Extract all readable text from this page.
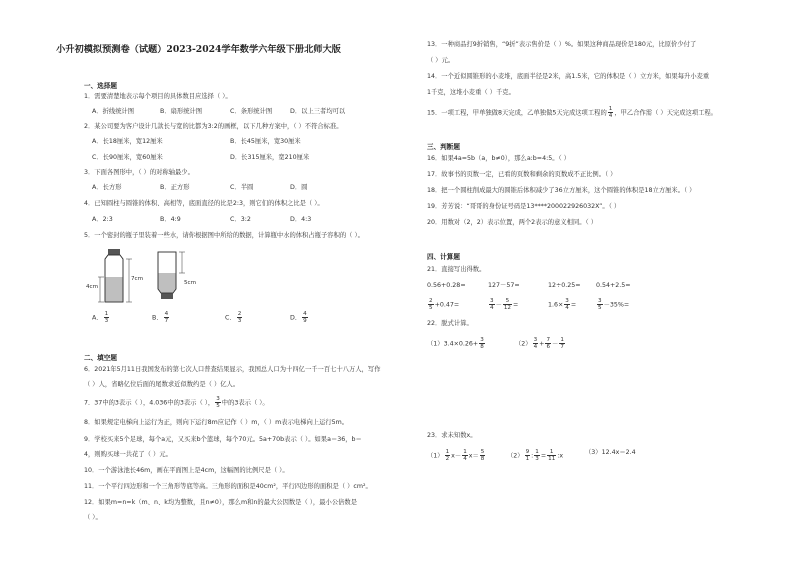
小升初模拟预测卷（试题）2023-2024学年数学六年级下册北师大版
一、选择题
1．需要清楚地表示每个项目的具体数目应选择（ ）。
A．折线统计图	B．扇形统计图	C．条形统计图	D．以上三者均可以
2．某公司要为客户设计几款长与宽的比都为3:2的画框，以下几种方案中，（ ）不符合标准。
A．长18厘米，宽12厘米	B．长45厘米，宽30厘米
C．长90厘米，宽60厘米	D．长315厘米，宽210厘米
3．下面各图形中，（ ）的对称轴最少。
A．长方形	B．正方形	C．半圆	D．圆
4．已知圆柱与圆锥的体积、高相等，底面直径的比是2:3，则它们的体积之比是（ ）。
A．2:3	B．4:9	C．3:2	D．4:3
5．一个密封的瓶子里装着一些水，请你根据图中所给的数据，计算瓶中水的体积占瓶子容积的（ ）。
4cm
7cm
5cm
A． $\frac{1}{3}$	B． $\frac{4}{7}$	C． $\frac{2}{3}$	D． $\frac{4}{9}$
二、填空题
6．2021年5月11日我国发布的第七次人口普查结果显示，我国总人口为十四亿一千一百七十八万人，写作
（ ）人，省略亿位后面的尾数求近似数约是（ ）亿人。
7．37中的3表示（ ），4.036中的3表示（ ）， $\frac{3}{5}$ 中的3表示（ ）。
8．如果规定电梯向上运行为正，则向下运行8m应记作（ ）m，（ ）m表示电梯向上运行5m。
9．学校买来5个足球，每个a元，又买来b个篮球，每个70元。5a+70b表示（ ）。如果a＝36，b＝
4，则购买球一共花了（ ）元。
10．一个游泳池长46m，画在平面图上是4cm，这幅图的比例尺是（ ）。
11．一个平行四边形和一个三角形等底等高。三角形的面积是40cm²，平行四边形的面积是（ ）cm²。
12．如果m=n=k（m、n、k均为整数，且n≠0），那么m和n的最大公因数是（ ），最小公倍数是
（ ）。
13．一种商品打9折销售，“9折”表示售价是（ ）%。如果这种商品现价是180元，比原价少付了
（ ）元。
14．一个近似圆锥形的小麦堆，底面半径是2米，高1.5米，它的体积是（ ）立方米，如果每升小麦重
1千克，这堆小麦重（ ）千克。
15．一项工程，甲单独做8天完成，乙单独做5天完成这项工程的 $\frac{1}{4}$ ，甲乙合作需（ ）天完成这项工程。
三、判断题
16．如果4a=5b（a，b≠0），那么a:b=4:5。（ ）
17．故事书的页数一定，已看的页数和剩余的页数成不正比例。（ ）
18．把一个圆柱削成最大的圆锥后体积减少了36立方厘米，这个圆锥的体积是18立方厘米。（ ）
19．芳芳说：“哥哥的身份证号码是13****200022926032X”。（ ）
20．用数对（2，2）表示位置，两个2表示的意义相同。（ ）
四、计算题
21．直接写出得数。
0.56+0.28=	127－57=	12÷0.25= 0.54+2.5=
$\frac{2}{5} +0.47=$	$\frac{3}{4} - \frac{5}{12}$ =	$1.6\times \frac{3}{4}$ =	$\frac{3}{5} -35\%=$
22．脱式计算。
$(1)3.4\times 0.26+ \frac{3}{8}$	$(2) \frac{3}{4} + \frac{7}{6} - \frac{1}{7}$
23．求未知数x。
$(1) \frac{1}{2} x- \frac{1}{4} x= \frac{5}{8}$	$(2) \frac{9}{1}$ : $\frac{1}{3} = \frac{1}{11}$ :x	（3）12.4x＝2.4
